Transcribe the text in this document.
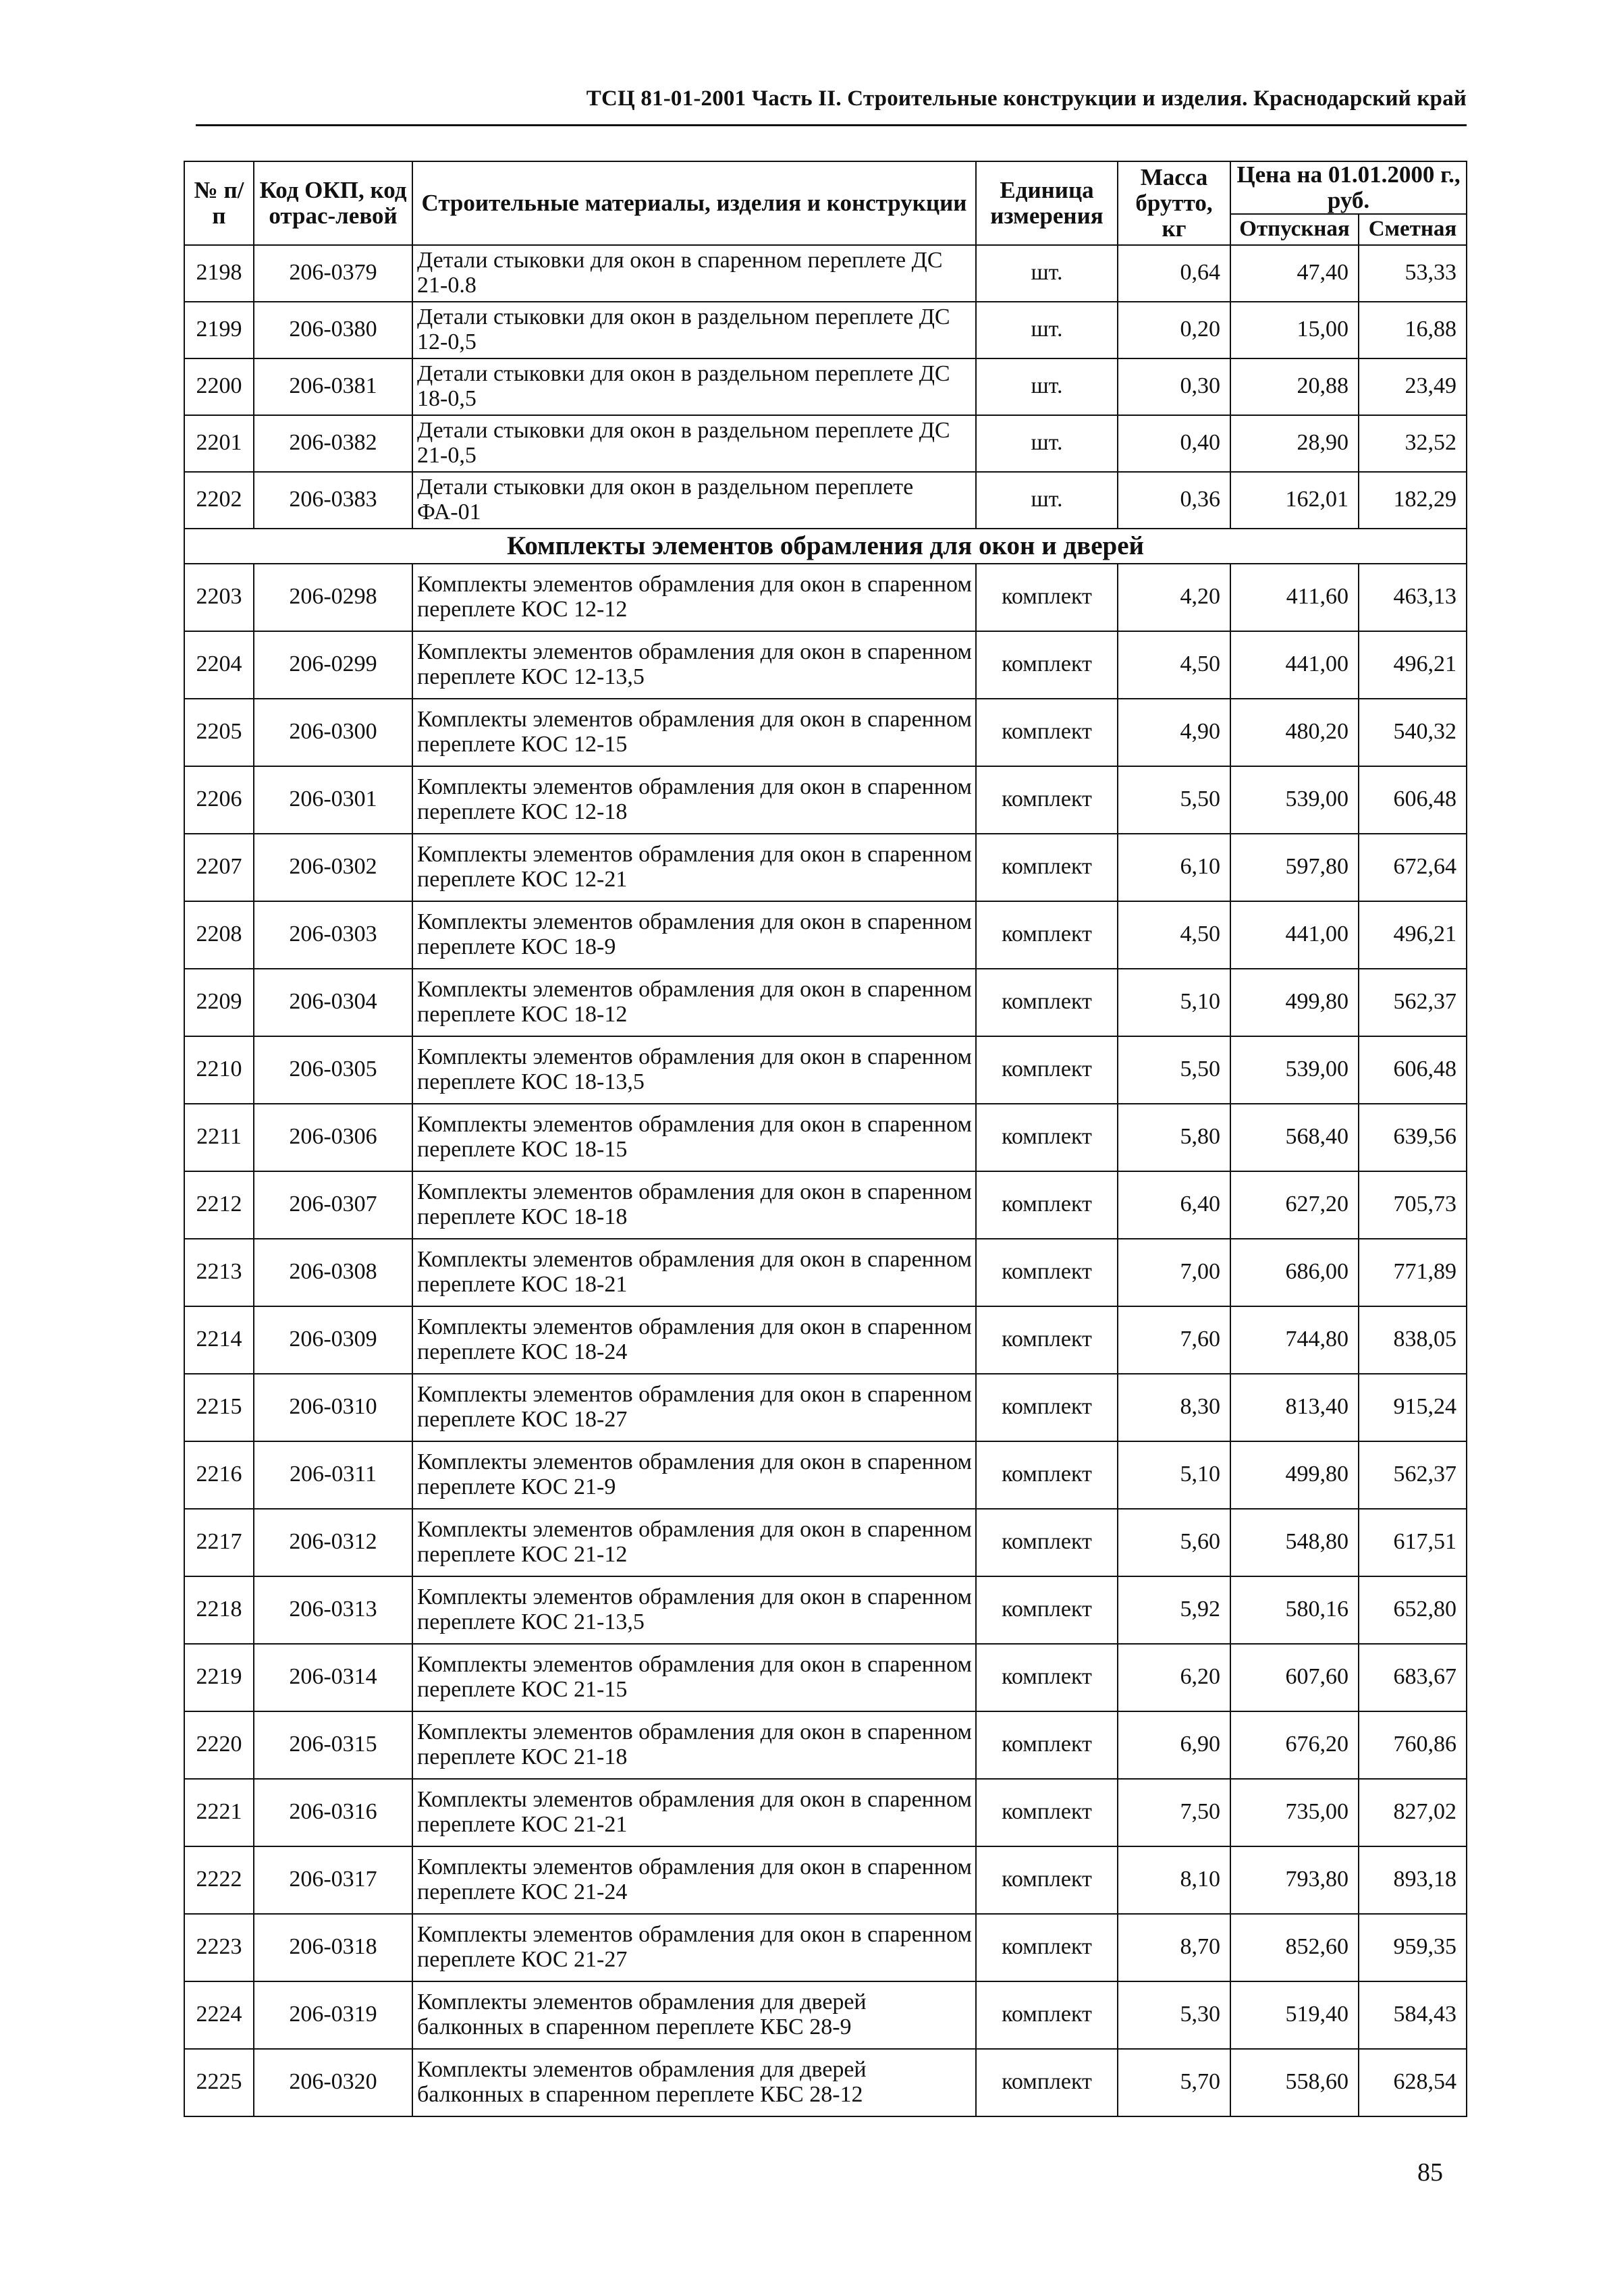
ТСЦ 81-01-2001 Часть II. Строительные конструкции и изделия. Краснодарский край
№ п/п	Код ОКП, код отрас-левой	Строительные материалы, изделия и конструкции	Единица измерения	Масса брутто, кг	Цена на 01.01.2000 г., руб.	
					Отпускная	Сметная
2198	206-0379	Детали стыковки для окон в спаренном переплете ДС 21-0.8	шт.	0,64	47,40	53,33
2199	206-0380	Детали стыковки для окон в раздельном переплете ДС 12-0,5	шт.	0,20	15,00	16,88
2200	206-0381	Детали стыковки для окон в раздельном переплете ДС 18-0,5	шт.	0,30	20,88	23,49
2201	206-0382	Детали стыковки для окон в раздельном переплете ДС 21-0,5	шт.	0,40	28,90	32,52
2202	206-0383	Детали стыковки для окон в раздельном переплете ФА-01	шт.	0,36	162,01	182,29
Комплекты элементов обрамления для окон и дверей						
2203	206-0298	Комплекты элементов обрамления для окон в спаренном переплете КОС 12-12	комплект	4,20	411,60	463,13
2204	206-0299	Комплекты элементов обрамления для окон в спаренном переплете КОС 12-13,5	комплект	4,50	441,00	496,21
2205	206-0300	Комплекты элементов обрамления для окон в спаренном переплете КОС 12-15	комплект	4,90	480,20	540,32
2206	206-0301	Комплекты элементов обрамления для окон в спаренном переплете КОС 12-18	комплект	5,50	539,00	606,48
2207	206-0302	Комплекты элементов обрамления для окон в спаренном переплете КОС 12-21	комплект	6,10	597,80	672,64
2208	206-0303	Комплекты элементов обрамления для окон в спаренном переплете КОС 18-9	комплект	4,50	441,00	496,21
2209	206-0304	Комплекты элементов обрамления для окон в спаренном переплете КОС 18-12	комплект	5,10	499,80	562,37
2210	206-0305	Комплекты элементов обрамления для окон в спаренном переплете КОС 18-13,5	комплект	5,50	539,00	606,48
2211	206-0306	Комплекты элементов обрамления для окон в спаренном переплете КОС 18-15	комплект	5,80	568,40	639,56
2212	206-0307	Комплекты элементов обрамления для окон в спаренном переплете КОС 18-18	комплект	6,40	627,20	705,73
2213	206-0308	Комплекты элементов обрамления для окон в спаренном переплете КОС 18-21	комплект	7,00	686,00	771,89
2214	206-0309	Комплекты элементов обрамления для окон в спаренном переплете КОС 18-24	комплект	7,60	744,80	838,05
2215	206-0310	Комплекты элементов обрамления для окон в спаренном переплете КОС 18-27	комплект	8,30	813,40	915,24
2216	206-0311	Комплекты элементов обрамления для окон в спаренном переплете КОС 21-9	комплект	5,10	499,80	562,37
2217	206-0312	Комплекты элементов обрамления для окон в спаренном переплете КОС 21-12	комплект	5,60	548,80	617,51
2218	206-0313	Комплекты элементов обрамления для окон в спаренном переплете КОС 21-13,5	комплект	5,92	580,16	652,80
2219	206-0314	Комплекты элементов обрамления для окон в спаренном переплете КОС 21-15	комплект	6,20	607,60	683,67
2220	206-0315	Комплекты элементов обрамления для окон в спаренном переплете КОС 21-18	комплект	6,90	676,20	760,86
2221	206-0316	Комплекты элементов обрамления для окон в спаренном переплете КОС 21-21	комплект	7,50	735,00	827,02
2222	206-0317	Комплекты элементов обрамления для окон в спаренном переплете КОС 21-24	комплект	8,10	793,80	893,18
2223	206-0318	Комплекты элементов обрамления для окон в спаренном переплете КОС 21-27	комплект	8,70	852,60	959,35
2224	206-0319	Комплекты элементов обрамления для дверей балконных в спаренном переплете КБС 28-9	комплект	5,30	519,40	584,43
2225	206-0320	Комплекты элементов обрамления для дверей балконных в спаренном переплете КБС 28-12	комплект	5,70	558,60	628,54
85
